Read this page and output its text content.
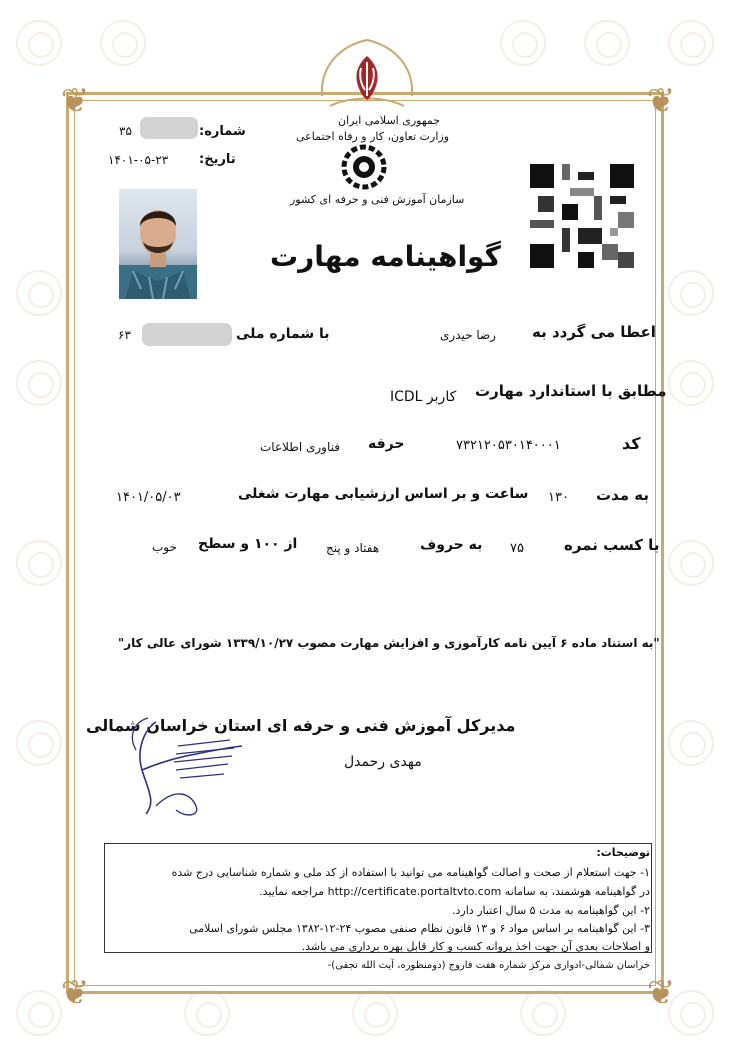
❦	❦
❦	❦
جمهوری اسلامی ایران
وزارت تعاون، کار و رفاه اجتماعی
سازمان آموزش فنی و حرفه ای کشور
شماره:
۳۵
تاریخ:
۱۴۰۱-۰۵-۲۳
گواهینامه مهارت
اعطا می گردد به
رضا حیدری
با شماره ملی
۶۳
مطابق با استاندارد مهارت
کاربر ICDL
کد
۷۳۲۱۲۰۵۳۰۱۴۰۰۰۱
حرفه
فناوری اطلاعات
به مدت
۱۳۰
ساعت و بر اساس ارزشیابی مهارت شغلی
۱۴۰۱/۰۵/۰۳
با کسب نمره
۷۵
به حروف
هفتاد و پنج
از ۱۰۰ و سطح
خوب
"به استناد ماده ۶ آیین نامه کارآموزی و افزایش مهارت مصوب ۱۳۳۹/۱۰/۲۷ شورای عالی کار"
مدیرکل آموزش فنی و حرفه ای استان خراسان شمالی
مهدی رحمدل
توضیحات:
۱- جهت استعلام از صحت و اصالت گواهینامه می توانید با استفاده از کد ملی و شماره شناسایی درج شده
در گواهینامه هوشمند، به سامانه http://certificate.portaltvto.com مراجعه نمایید.
۲- این گواهینامه به مدت ۵ سال اعتبار دارد.
۳- این گواهینامه بر اساس مواد ۶ و ۱۳ قانون نظام صنفی مصوب ۲۴-۱۲-۱۳۸۲ مجلس شورای اسلامی
و اصلاحات بعدی آن جهت اخذ پروانه کسب و کار قابل بهره برداری می باشد.
خراسان شمالی-ادواری مرکز شماره هفت فاروج (دومنظوره، آیت الله نجفی)-
